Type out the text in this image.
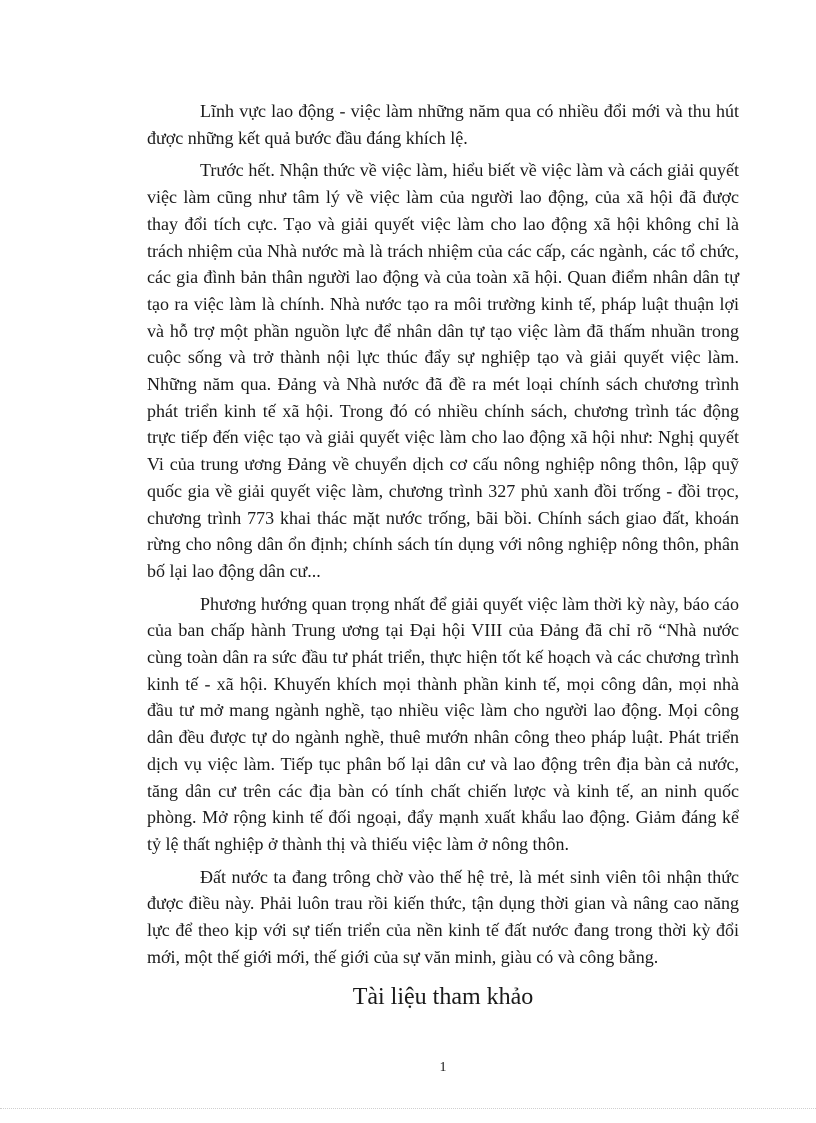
Lĩnh vực lao động - việc làm những năm qua có nhiều đổi mới và thu hút được những kết quả bước đầu đáng khích lệ.

Trước hết. Nhận thức về việc làm, hiểu biết về việc làm và cách giải quyết việc làm cũng như tâm lý về việc làm của người lao động, của xã hội đã được thay đổi tích cực. Tạo và giải quyết việc làm cho lao động xã hội không chỉ là trách nhiệm của Nhà nước mà là trách nhiệm của các cấp, các ngành, các tổ chức, các gia đình bản thân người lao động và của toàn xã hội. Quan điểm nhân dân tự tạo ra việc làm là chính. Nhà nước tạo ra môi trường kinh tế, pháp luật thuận lợi và hỗ trợ một phần nguồn lực để nhân dân tự tạo việc làm đã thấm nhuần trong cuộc sống và trở thành nội lực thúc đẩy sự nghiệp tạo và giải quyết việc làm. Những năm qua. Đảng và Nhà nước đã đề ra mét loại chính sách chương trình phát triển kinh tế xã hội. Trong đó có nhiều chính sách, chương trình tác động trực tiếp đến việc tạo và giải quyết việc làm cho lao động xã hội như: Nghị quyết Vi của trung ương Đảng về chuyển dịch cơ cấu nông nghiệp nông thôn, lập quỹ quốc gia về giải quyết việc làm, chương trình 327 phủ xanh đồi trống - đồi trọc, chương trình 773 khai thác mặt nước trống, bãi bồi. Chính sách giao đất, khoán rừng cho nông dân ổn định; chính sách tín dụng với nông nghiệp nông thôn, phân bố lại lao động dân cư...

Phương hướng quan trọng nhất để giải quyết việc làm thời kỳ này, báo cáo của ban chấp hành Trung ương tại Đại hội VIII của Đảng đã chỉ rõ “Nhà nước cùng toàn dân ra sức đầu tư phát triển, thực hiện tốt kế hoạch và các chương trình kinh tế - xã hội. Khuyến khích mọi thành phần kinh tế, mọi công dân, mọi nhà đầu tư mở mang ngành nghề, tạo nhiều việc làm cho người lao động. Mọi công dân đều được tự do ngành nghề, thuê mướn nhân công theo pháp luật. Phát triển dịch vụ việc làm. Tiếp tục phân bố lại dân cư và lao động trên địa bàn cả nước, tăng dân cư trên các địa bàn có tính chất chiến lược và kinh tế, an ninh quốc phòng. Mở rộng kinh tế đối ngoại, đẩy mạnh xuất khẩu lao động. Giảm đáng kể tỷ lệ thất nghiệp ở thành thị và thiếu việc làm ở nông thôn.

Đất nước ta đang trông chờ vào thế hệ trẻ, là mét sinh viên tôi nhận thức được điều này. Phải luôn trau rồi kiến thức, tận dụng thời gian và nâng cao năng lực để theo kịp với sự tiến triển của nền kinh tế đất nước đang trong thời kỳ đổi mới, một thế giới mới, thế giới của sự văn minh, giàu có và công bằng.

Tài liệu tham khảo
1
